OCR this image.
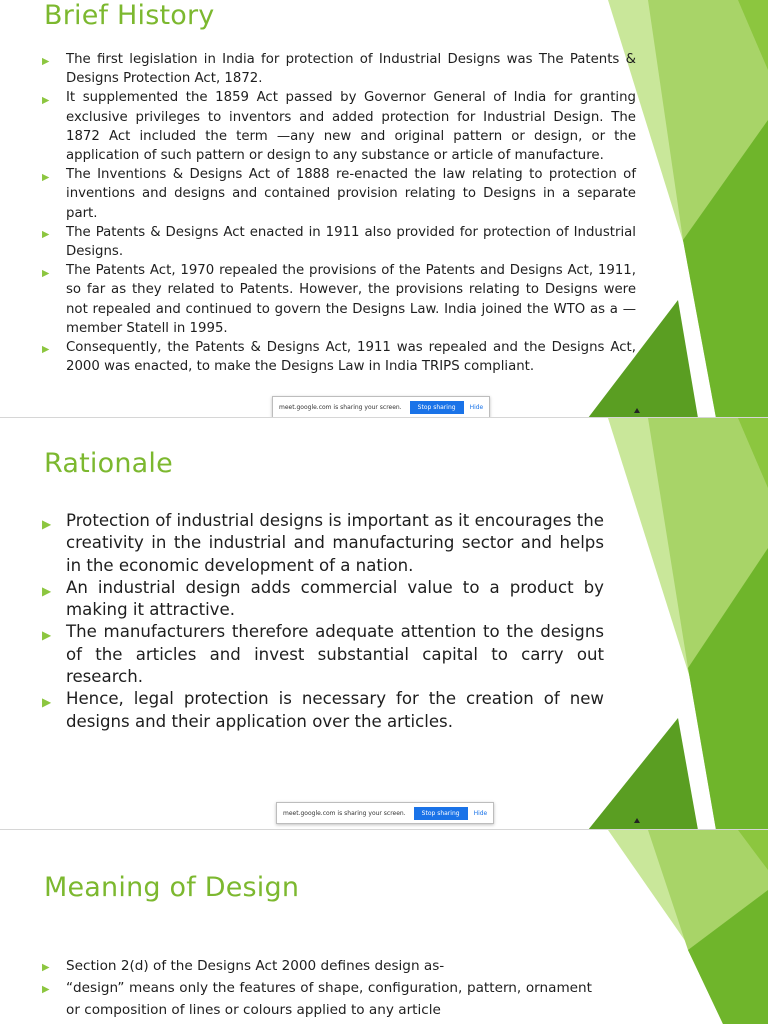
Brief History
▶ The first legislation in India for protection of Industrial Designs was The Patents & Designs Protection Act, 1872.
▶ It supplemented the 1859 Act passed by Governor General of India for granting exclusive privileges to inventors and added protection for Industrial Design. The 1872 Act included the term —any new and original pattern or design, or the application of such pattern or design to any substance or article of manufacture.
▶ The Inventions & Designs Act of 1888 re-enacted the law relating to protection of inventions and designs and contained provision relating to Designs in a separate part.
▶ The Patents & Designs Act enacted in 1911 also provided for protection of Industrial Designs.
▶ The Patents Act, 1970 repealed the provisions of the Patents and Designs Act, 1911, so far as they related to Patents. However, the provisions relating to Designs were not repealed and continued to govern the Designs Law. India joined the WTO as a —member Statell in 1995.
▶ Consequently, the Patents & Designs Act, 1911 was repealed and the Designs Act, 2000 was enacted, to make the Designs Law in India TRIPS compliant.
meet.google.com is sharing your screen.	Stop sharing	Hide
Rationale
▶ Protection of industrial designs is important as it encourages the creativity in the industrial and manufacturing sector and helps in the economic development of a nation.
▶ An industrial design adds commercial value to a product by making it attractive.
▶ The manufacturers therefore adequate attention to the designs of the articles and invest substantial capital to carry out research.
▶ Hence, legal protection is necessary for the creation of new designs and their application over the articles.
meet.google.com is sharing your screen.	Stop sharing	Hide
Meaning of Design
▶ Section 2(d) of the Designs Act 2000 defines design as-
▶ “design” means only the features of shape, configuration, pattern, ornament or composition of lines or colours applied to any article
